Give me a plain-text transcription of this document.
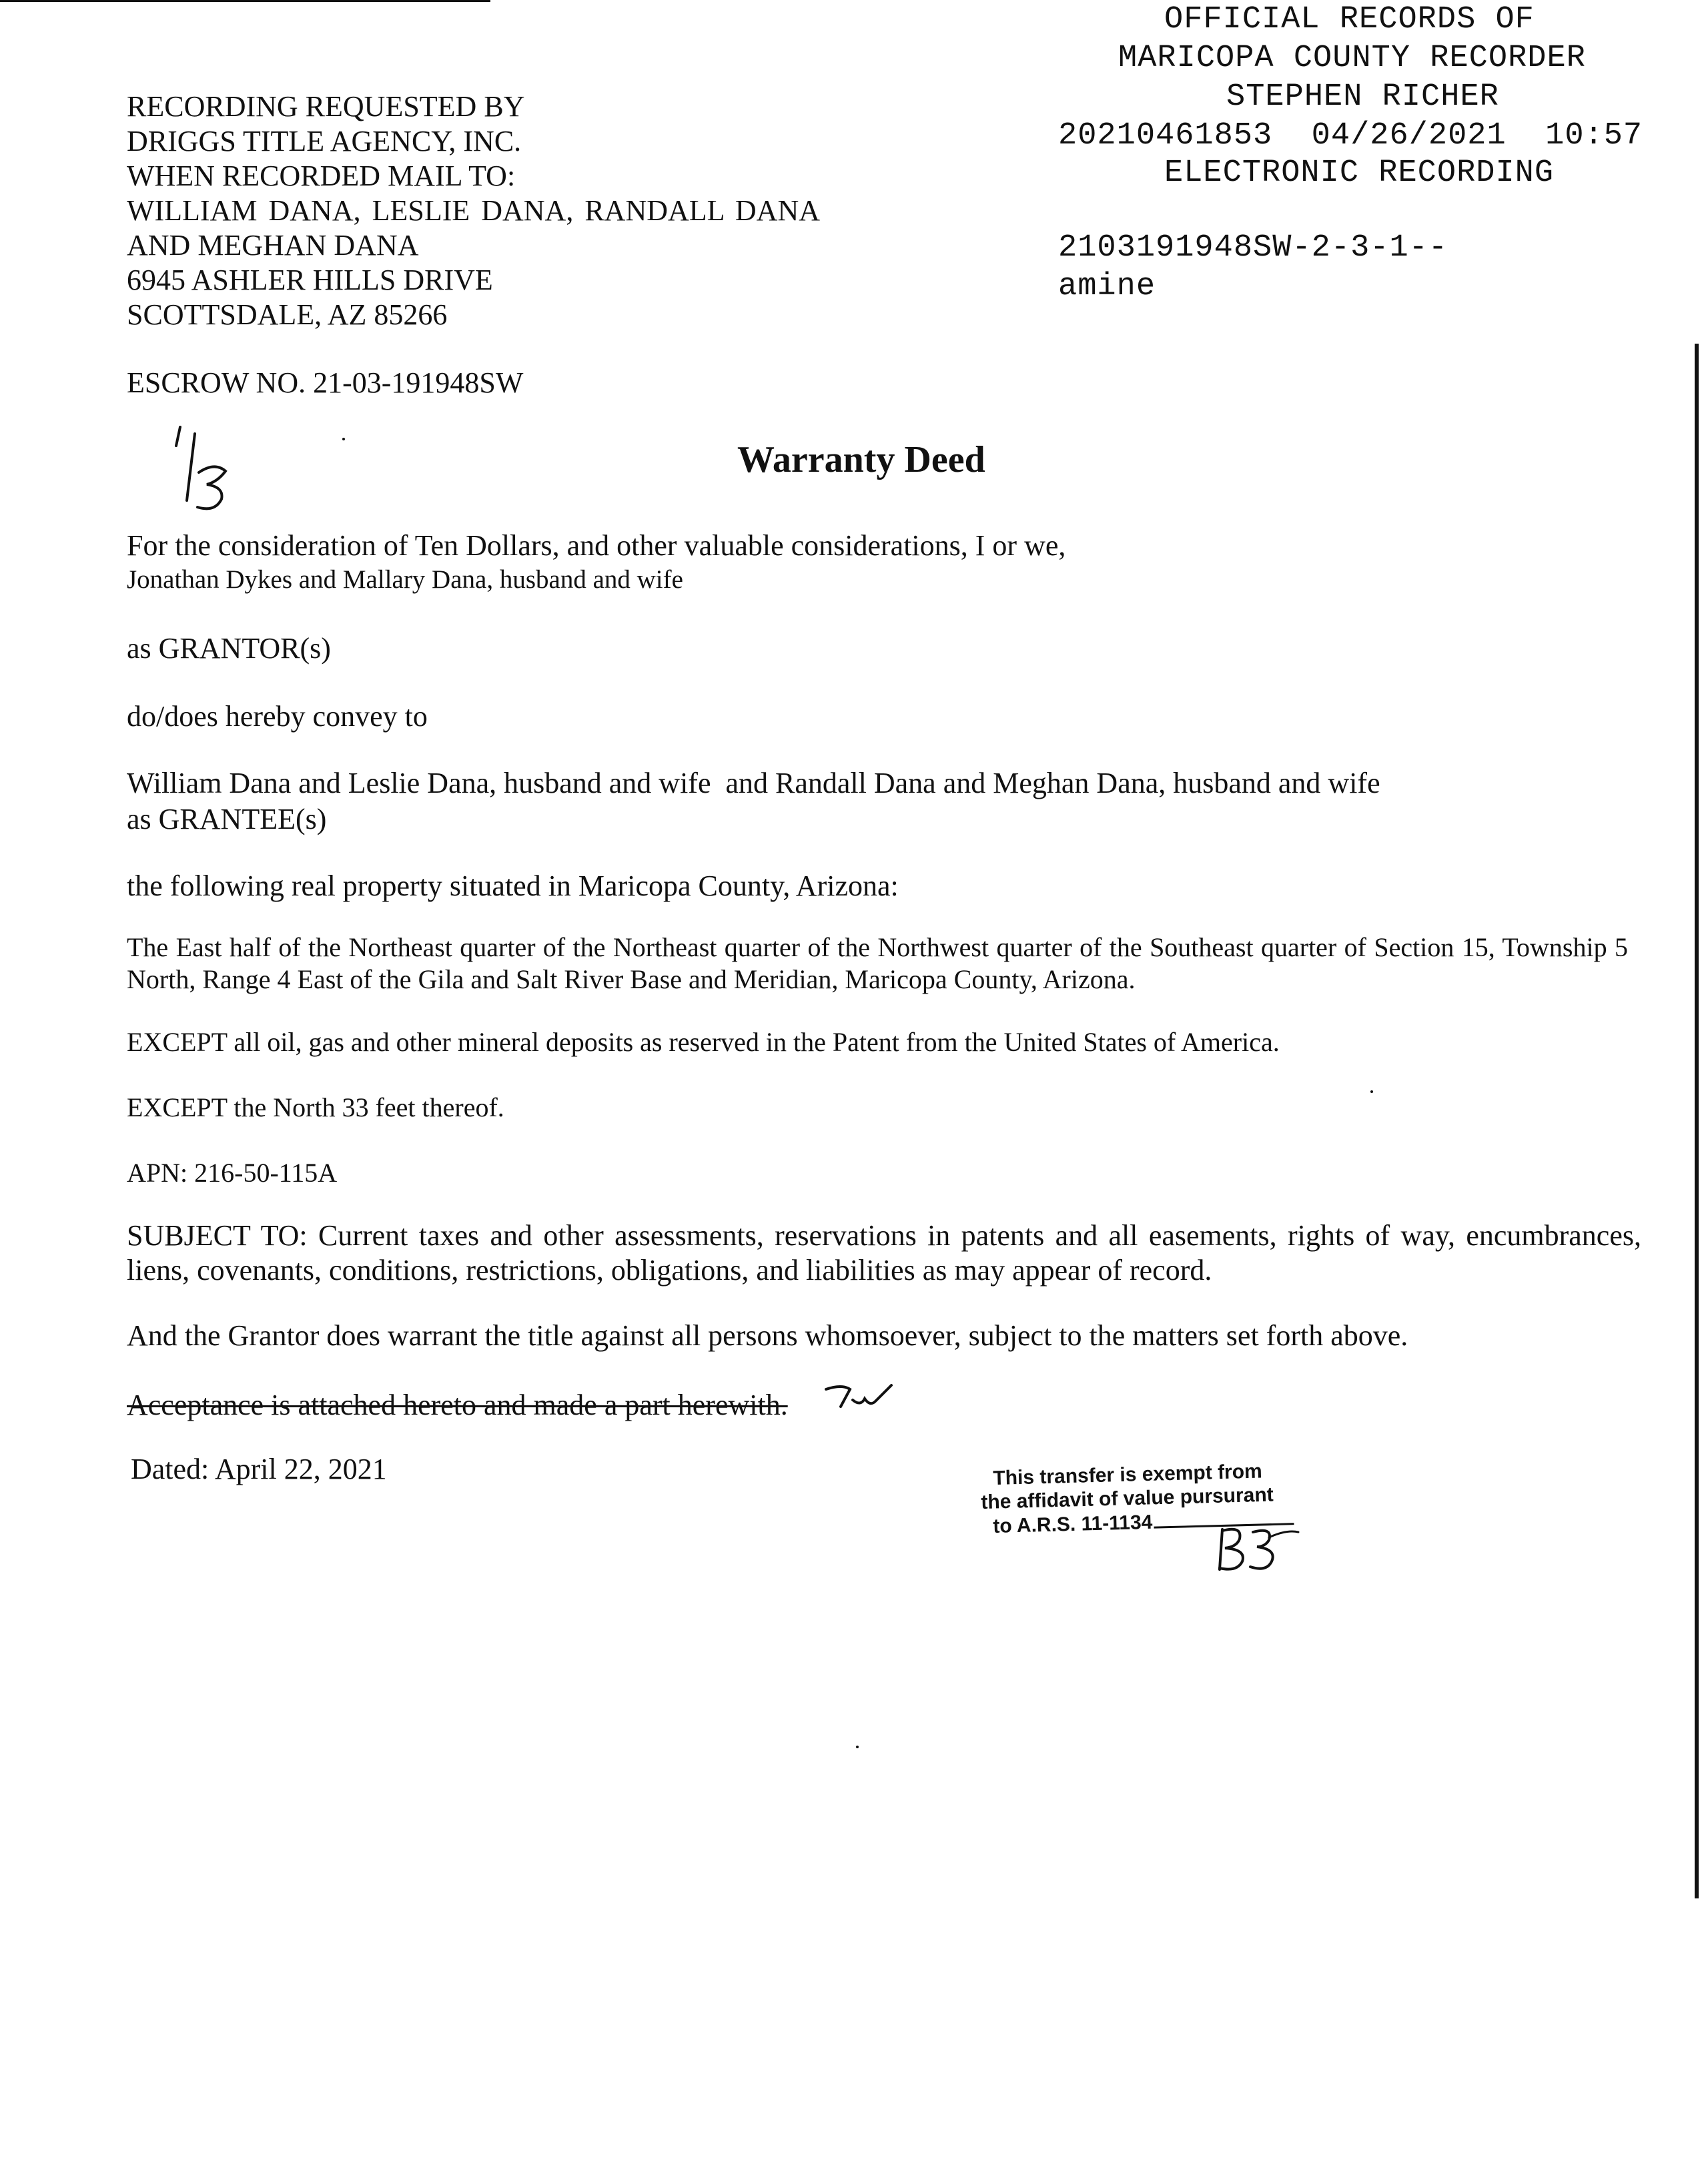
RECORDING REQUESTED BY
DRIGGS TITLE AGENCY, INC.
WHEN RECORDED MAIL TO:
WILLIAM DANA, LESLIE DANA, RANDALL DANA
AND MEGHAN DANA
6945 ASHLER HILLS DRIVE
SCOTTSDALE, AZ 85266
OFFICIAL RECORDS OF
MARICOPA COUNTY RECORDER
STEPHEN RICHER
20210461853  04/26/2021  10:57
ELECTRONIC RECORDING
2103191948SW-2-3-1--
amine
ESCROW NO. 21-03-191948SW
Warranty Deed
For the consideration of Ten Dollars, and other valuable considerations, I or we,
Jonathan Dykes and Mallary Dana, husband and wife
as GRANTOR(s)
do/does hereby convey to
William Dana and Leslie Dana, husband and wife  and Randall Dana and Meghan Dana, husband and wife
as GRANTEE(s)
the following real property situated in Maricopa County, Arizona:
The East half of the Northeast quarter of the Northeast quarter of the Northwest quarter of the Southeast quarter of Section 15, Township 5 North, Range 4 East of the Gila and Salt River Base and Meridian, Maricopa County, Arizona.
EXCEPT all oil, gas and other mineral deposits as reserved in the Patent from the United States of America.
EXCEPT the North 33 feet thereof.
APN: 216-50-115A
SUBJECT TO: Current taxes and other assessments, reservations in patents and all easements, rights of way, encumbrances, liens, covenants, conditions, restrictions, obligations, and liabilities as may appear of record.
And the Grantor does warrant the title against all persons whomsoever, subject to the matters set forth above.
Acceptance is attached hereto and made a part herewith.
Dated: April 22, 2021	This transfer is exempt from
the affidavit of value pursurant
to A.R.S. 11-1134
